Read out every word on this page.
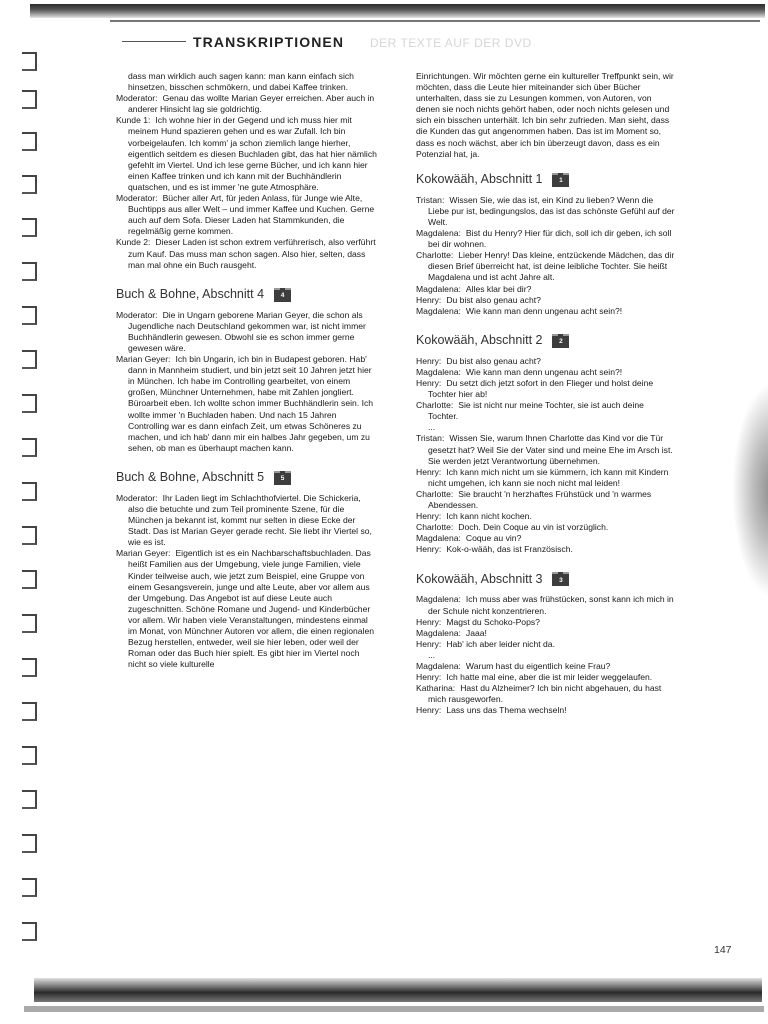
TRANSKRIPTIONEN DER TEXTE AUF DER DVD

dass man wirklich auch sagen kann: man kann einfach sich hinsetzen, bisschen schmökern, und dabei Kaffee trinken.

Moderator: Genau das wollte Marian Geyer erreichen. Aber auch in anderer Hinsicht lag sie goldrichtig.

Kunde 1: Ich wohne hier in der Gegend und ich muss hier mit meinem Hund spazieren gehen und es war Zufall. Ich bin vorbeigelaufen. Ich komm' ja schon ziemlich lange hierher, eigentlich seitdem es diesen Buchladen gibt, das hat hier nämlich gefehlt im Viertel. Und ich lese gerne Bücher, und ich kann hier einen Kaffee trinken und ich kann mit der Buchhändlerin quatschen, und es ist immer 'ne gute Atmosphäre.

Moderator: Bücher aller Art, für jeden Anlass, für Junge wie Alte, Buchtipps aus aller Welt – und immer Kaffee und Kuchen. Gerne auch auf dem Sofa. Dieser Laden hat Stammkunden, die regelmäßig gerne kommen.

Kunde 2: Dieser Laden ist schon extrem verführerisch, also verführt zum Kauf. Das muss man schon sagen. Also hier, selten, dass man mal ohne ein Buch rausgeht.

Buch & Bohne, Abschnitt 4	4

Moderator: Die in Ungarn geborene Marian Geyer, die schon als Jugendliche nach Deutschland gekommen war, ist nicht immer Buchhändlerin gewesen. Obwohl sie es schon immer gerne gewesen wäre.

Marian Geyer: Ich bin Ungarin, ich bin in Budapest geboren. Hab' dann in Mannheim studiert, und bin jetzt seit 10 Jahren jetzt hier in München. Ich habe im Controlling gearbeitet, von einem großen, Münchner Unternehmen, habe mit Zahlen jongliert. Büroarbeit eben. Ich wollte schon immer Buchhändlerin sein. Ich wollte immer 'n Buchladen haben. Und nach 15 Jahren Controlling war es dann einfach Zeit, um etwas Schöneres zu machen, und ich hab' dann mir ein halbes Jahr gegeben, um zu sehen, ob man es überhaupt machen kann.

Buch & Bohne, Abschnitt 5	5

Moderator: Ihr Laden liegt im Schlachthofviertel. Die Schickeria, also die betuchte und zum Teil prominente Szene, für die München ja bekannt ist, kommt nur selten in diese Ecke der Stadt. Das ist Marian Geyer gerade recht. Sie liebt ihr Viertel so, wie es ist.

Marian Geyer: Eigentlich ist es ein Nachbarschaftsbuchladen. Das heißt Familien aus der Umgebung, viele junge Familien, viele Kinder teilweise auch, wie jetzt zum Beispiel, eine Gruppe von einem Gesangsverein, junge und alte Leute, aber vor allem aus der Umgebung. Das Angebot ist auf diese Leute auch zugeschnitten. Schöne Romane und Jugend- und Kinderbücher vor allem. Wir haben viele Veranstaltungen, mindestens einmal im Monat, von Münchner Autoren vor allem, die einen regionalen Bezug herstellen, entweder, weil sie hier leben, oder weil der Roman oder das Buch hier spielt. Es gibt hier im Viertel noch nicht so viele kulturelle

Einrichtungen. Wir möchten gerne ein kultureller Treffpunkt sein, wir möchten, dass die Leute hier miteinander sich über Bücher unterhalten, dass sie zu Lesungen kommen, von Autoren, von denen sie noch nichts gehört haben, oder noch nichts gelesen und sich ein bisschen unterhält. Ich bin sehr zufrieden. Man sieht, dass die Kunden das gut angenommen haben. Das ist im Moment so, dass es noch wächst, aber ich bin überzeugt davon, dass es ein Potenzial hat, ja.

Kokowääh, Abschnitt 1	1

Tristan: Wissen Sie, wie das ist, ein Kind zu lieben? Wenn die Liebe pur ist, bedingungslos, das ist das schönste Gefühl auf der Welt.

Magdalena: Bist du Henry? Hier für dich, soll ich dir geben, ich soll bei dir wohnen.

Charlotte: Lieber Henry! Das kleine, entzückende Mädchen, das dir diesen Brief überreicht hat, ist deine leibliche Tochter. Sie heißt Magdalena und ist acht Jahre alt.

Magdalena: Alles klar bei dir?

Henry: Du bist also genau acht?

Magdalena: Wie kann man denn ungenau acht sein?!

Kokowääh, Abschnitt 2	2

Henry: Du bist also genau acht?

Magdalena: Wie kann man denn ungenau acht sein?!

Henry: Du setzt dich jetzt sofort in den Flieger und holst deine Tochter hier ab!

Charlotte: Sie ist nicht nur meine Tochter, sie ist auch deine Tochter.

...

Tristan: Wissen Sie, warum Ihnen Charlotte das Kind vor die Tür gesetzt hat? Weil Sie der Vater sind und meine Ehe im Arsch ist. Sie werden jetzt Verantwortung übernehmen.

Henry: Ich kann mich nicht um sie kümmern, ich kann mit Kindern nicht umgehen, ich kann sie noch nicht mal leiden!

Charlotte: Sie braucht 'n herzhaftes Frühstück und 'n warmes Abendessen.

Henry: Ich kann nicht kochen.

Charlotte: Doch. Dein Coque au vin ist vorzüglich.

Magdalena: Coque au vin?

Henry: Kok-o-wääh, das ist Französisch.

Kokowääh, Abschnitt 3	3

Magdalena: Ich muss aber was frühstücken, sonst kann ich mich in der Schule nicht konzentrieren.

Henry: Magst du Schoko-Pops?

Magdalena: Jaaa!

Henry: Hab' ich aber leider nicht da.

...

Magdalena: Warum hast du eigentlich keine Frau?

Henry: Ich hatte mal eine, aber die ist mir leider weggelaufen.

Katharina: Hast du Alzheimer? Ich bin nicht abgehauen, du hast mich rausgeworfen.

Henry: Lass uns das Thema wechseln!

147
